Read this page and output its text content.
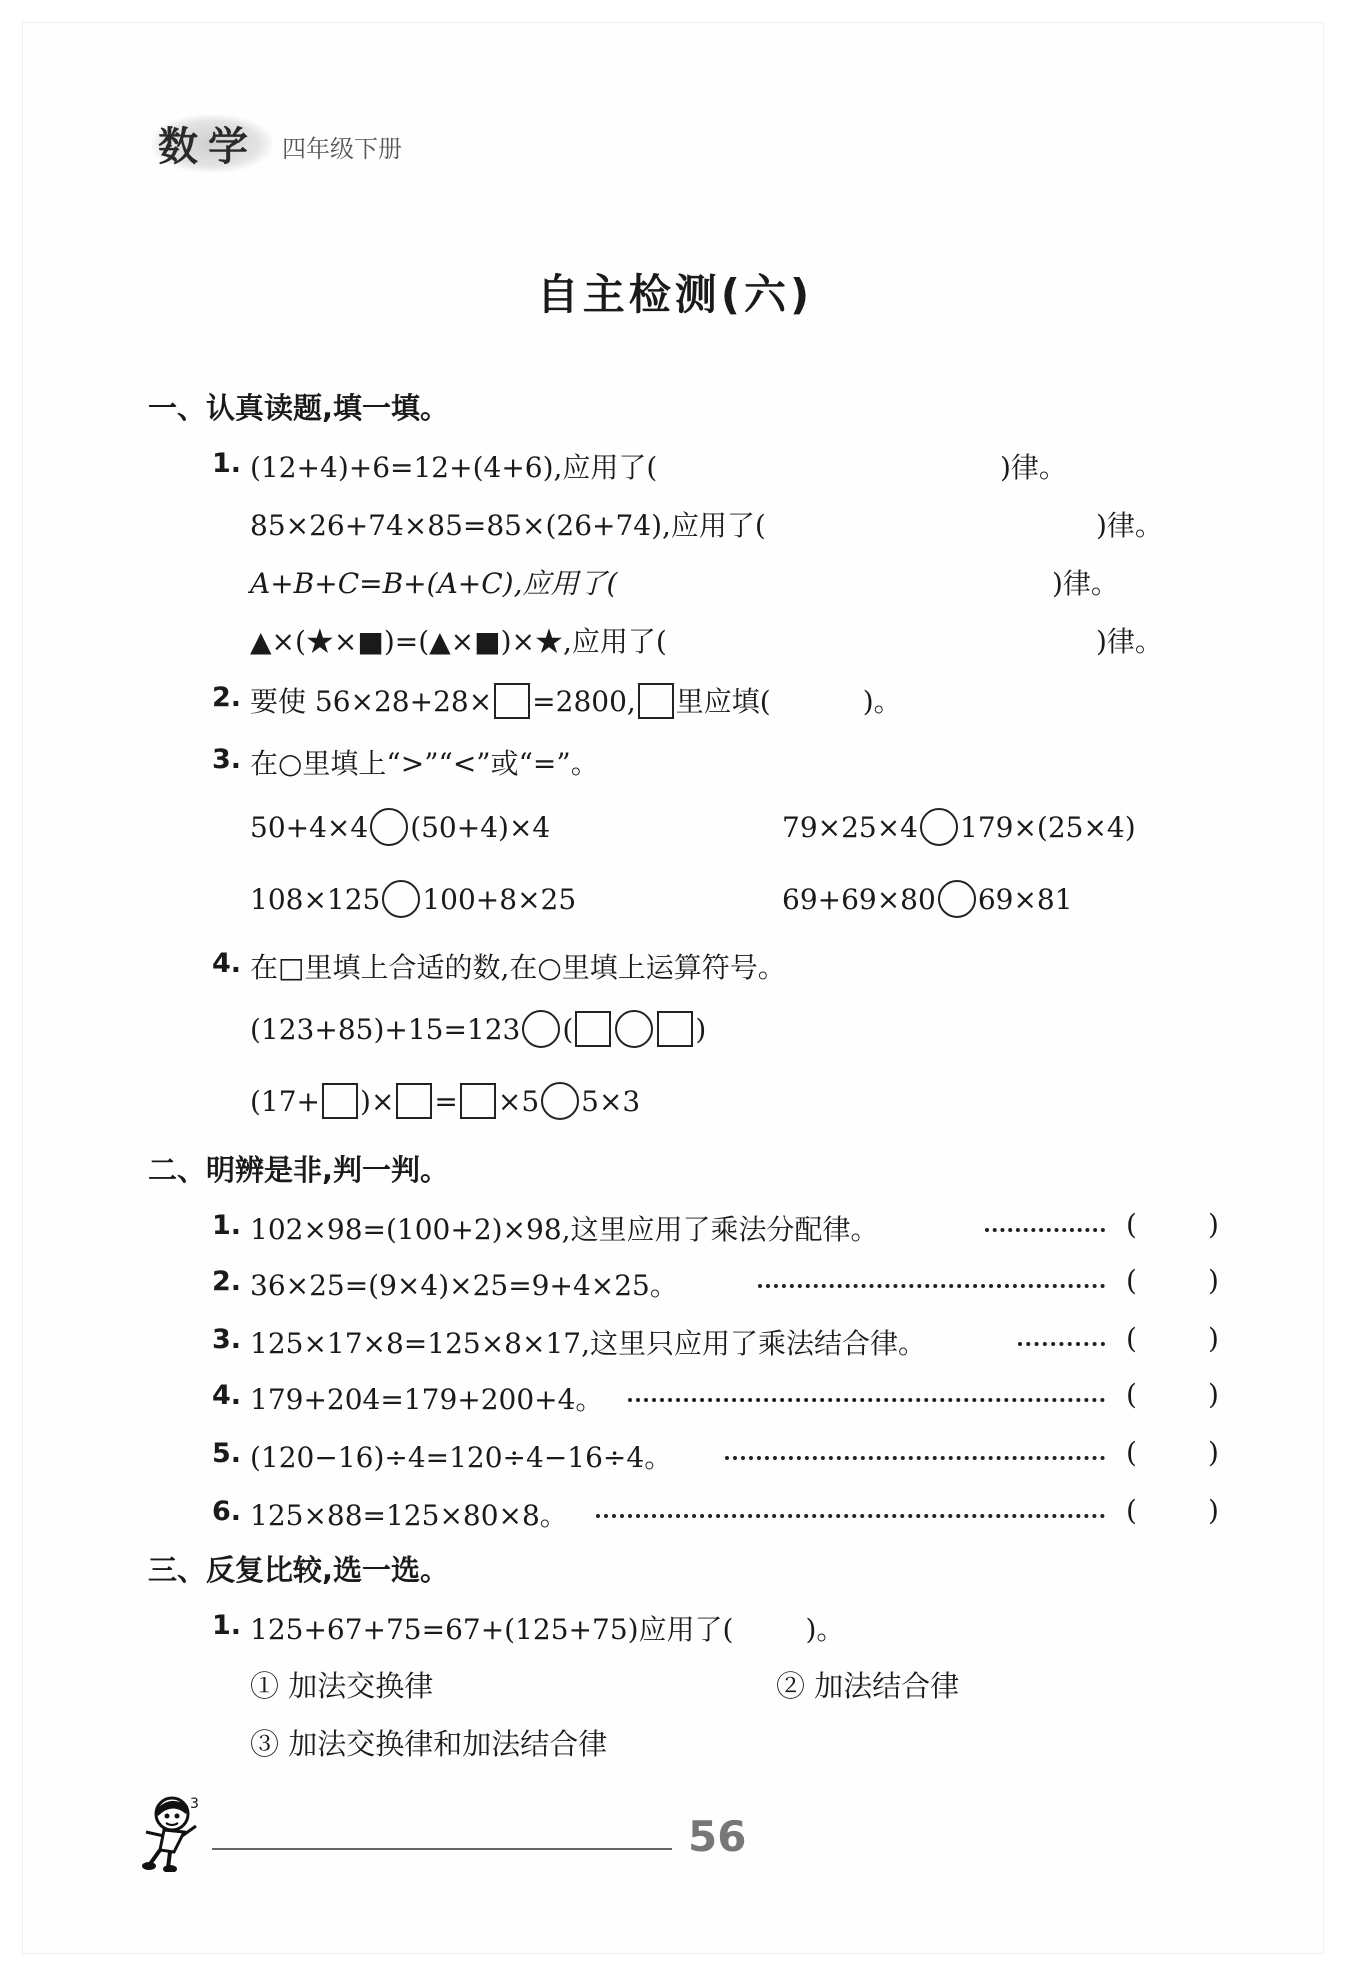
数学	四年级下册
自主检测(六)
一、认真读题,填一填。
1. (12+4)+6=12+(4+6),应用了(	)律。
85×26+74×85=85×(26+74),应用了(	)律。
A+B+C=B+(A+C),应用了(	)律。
▲×(★×■)=(▲×■)×★,应用了(	)律。
2. 要使 56×28+28× =2800, 里应填(	)。
3. 在○里填上“>”“<”或“=”。
50+4×4 (50+4)×4	79×25×4 179×(25×4)
108×125 100+8×25	69+69×80 69×81
4. 在□里填上合适的数,在○里填上运算符号。
(123+85)+15=123 (	)
(17+ )× = ×5 5×3
二、明辨是非,判一判。
1. 102×98=(100+2)×98,这里应用了乘法分配律。	(	)
2. 36×25=(9×4)×25=9+4×25。	(	)
3. 125×17×8=125×8×17,这里只应用了乘法结合律。	(	)
4. 179+204=179+200+4。	(	)
5. (120−16)÷4=120÷4−16÷4。	(	)
6. 125×88=125×80×8。	(	)
三、反复比较,选一选。
1. 125+67+75=67+(125+75)应用了(	)。
① 加法交换律	② 加法结合律
③ 加法交换律和加法结合律
3
56
